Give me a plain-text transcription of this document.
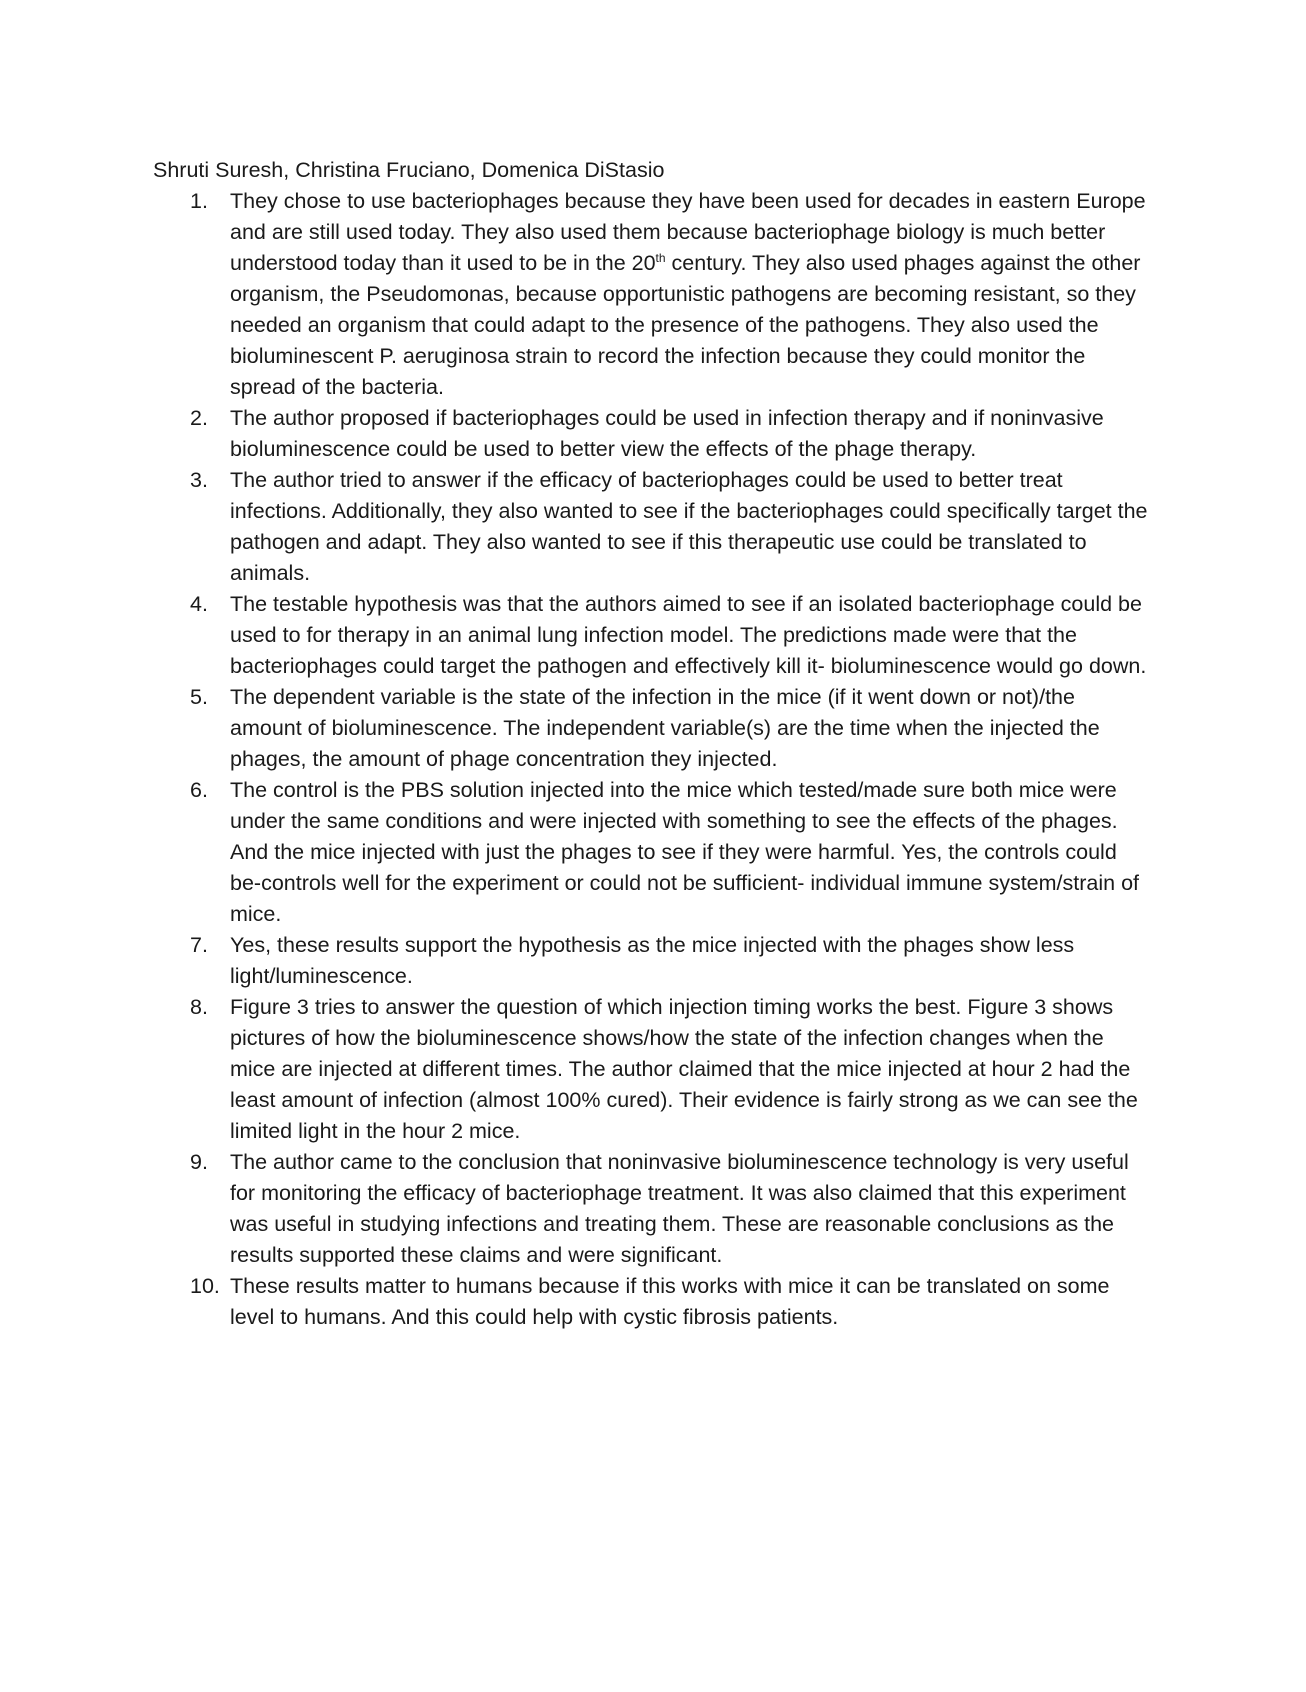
Shruti Suresh, Christina Fruciano, Domenica DiStasio
1.	They chose to use bacteriophages because they have been used for decades in eastern Europe and are still used today. They also used them because bacteriophage biology is much better understood today than it used to be in the 20th century. They also used phages against the other organism, the Pseudomonas, because opportunistic pathogens are becoming resistant, so they needed an organism that could adapt to the presence of the pathogens. They also used the bioluminescent P. aeruginosa strain to record the infection because they could monitor the spread of the bacteria.
2.	The author proposed if bacteriophages could be used in infection therapy and if noninvasive bioluminescence could be used to better view the effects of the phage therapy.
3.	The author tried to answer if the efficacy of bacteriophages could be used to better treat infections. Additionally, they also wanted to see if the bacteriophages could specifically target the pathogen and adapt. They also wanted to see if this therapeutic use could be translated to animals.
4.	The testable hypothesis was that the authors aimed to see if an isolated bacteriophage could be used to for therapy in an animal lung infection model. The predictions made were that the bacteriophages could target the pathogen and effectively kill it- bioluminescence would go down.
5.	The dependent variable is the state of the infection in the mice (if it went down or not)/the amount of bioluminescence. The independent variable(s) are the time when the injected the phages, the amount of phage concentration they injected.
6.	The control is the PBS solution injected into the mice which tested/made sure both mice were under the same conditions and were injected with something to see the effects of the phages. And the mice injected with just the phages to see if they were harmful. Yes, the controls could be-controls well for the experiment or could not be sufficient- individual immune system/strain of mice.
7.	Yes, these results support the hypothesis as the mice injected with the phages show less light/luminescence.
8.	Figure 3 tries to answer the question of which injection timing works the best. Figure 3 shows pictures of how the bioluminescence shows/how the state of the infection changes when the mice are injected at different times. The author claimed that the mice injected at hour 2 had the least amount of infection (almost 100% cured). Their evidence is fairly strong as we can see the limited light in the hour 2 mice.
9.	The author came to the conclusion that noninvasive bioluminescence technology is very useful for monitoring the efficacy of bacteriophage treatment. It was also claimed that this experiment was useful in studying infections and treating them. These are reasonable conclusions as the results supported these claims and were significant.
10. These results matter to humans because if this works with mice it can be translated on some level to humans. And this could help with cystic fibrosis patients.
